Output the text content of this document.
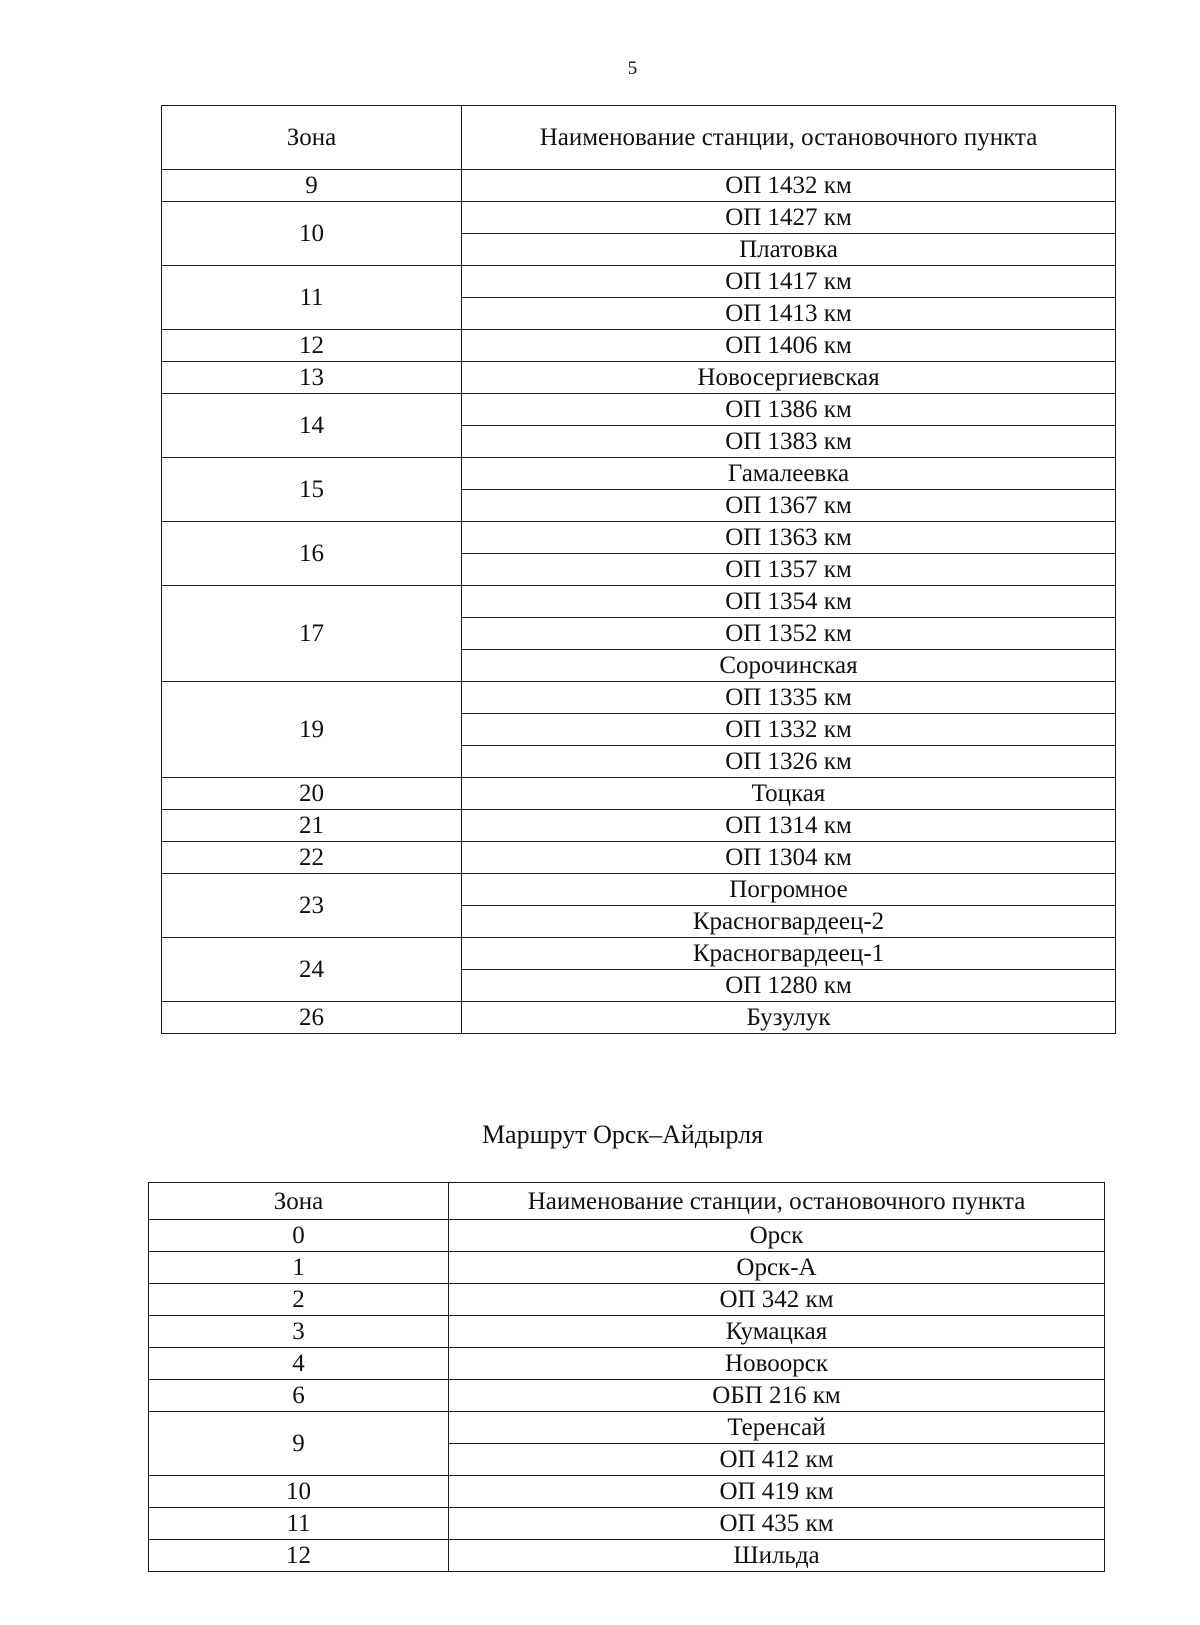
5
Зона	Наименование станции, остановочного пункта
9	ОП 1432 км
10	ОП 1427 км
	Платовка
11	ОП 1417 км
	ОП 1413 км
12	ОП 1406 км
13	Новосергиевская
14	ОП 1386 км
	ОП 1383 км
15	Гамалеевка
	ОП 1367 км
16	ОП 1363 км
	ОП 1357 км
17	ОП 1354 км
	ОП 1352 км
	Сорочинская
19	ОП 1335 км
	ОП 1332 км
	ОП 1326 км
20	Тоцкая
21	ОП 1314 км
22	ОП 1304 км
23	Погромное
	Красногвардеец-2
24	Красногвардеец-1
	ОП 1280 км
26	Бузулук
Маршрут Орск–Айдырля
Зона	Наименование станции, остановочного пункта
0	Орск
1	Орск-А
2	ОП 342 км
3	Кумацкая
4	Новоорск
6	ОБП 216 км
9	Теренсай
	ОП 412 км
10	ОП 419 км
11	ОП 435 км
12	Шильда
